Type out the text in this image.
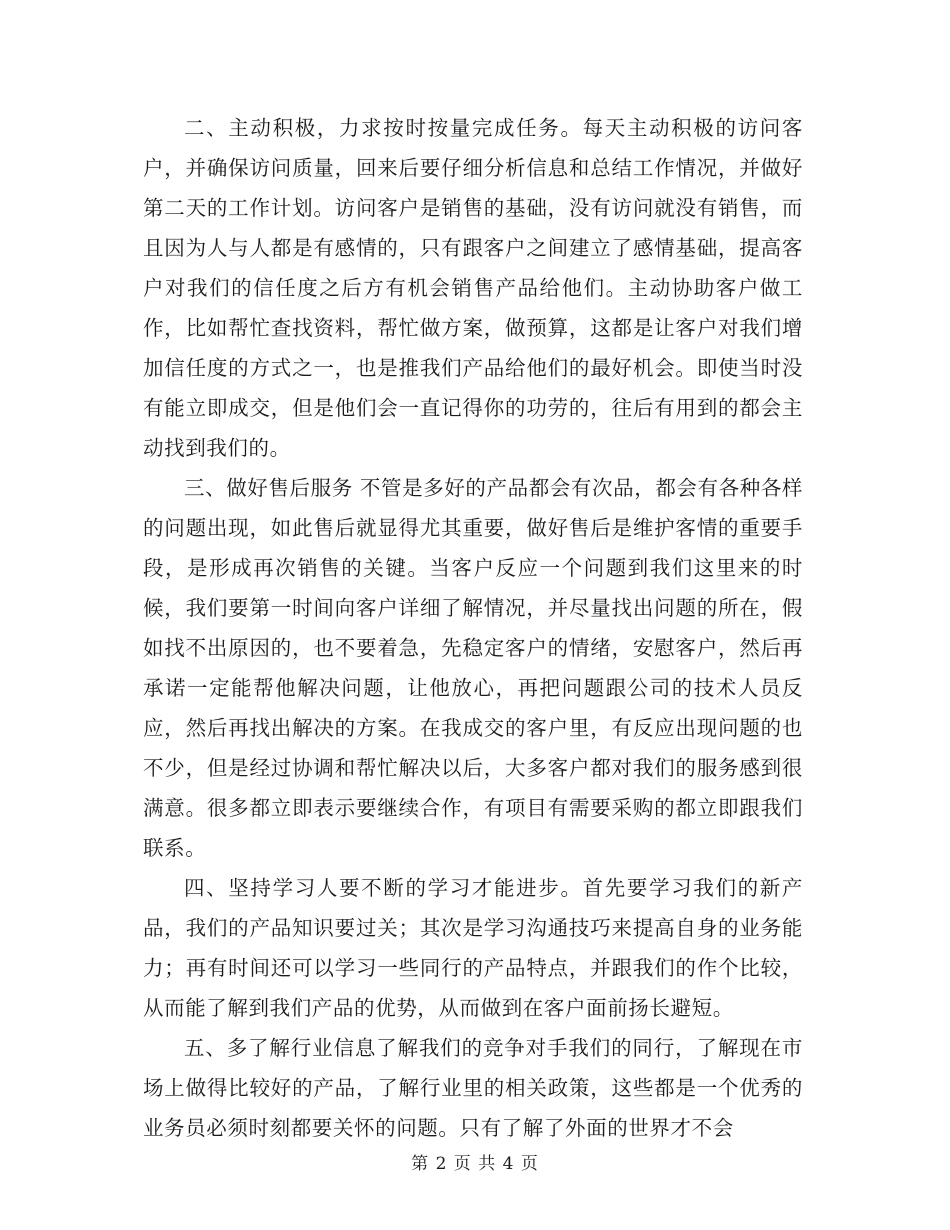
二、主动积极，力求按时按量完成任务。每天主动积极的访问客户，并确保访问质量，回来后要仔细分析信息和总结工作情况，并做好第二天的工作计划。访问客户是销售的基础，没有访问就没有销售，而且因为人与人都是有感情的，只有跟客户之间建立了感情基础，提高客户对我们的信任度之后方有机会销售产品给他们。主动协助客户做工作，比如帮忙查找资料，帮忙做方案，做预算，这都是让客户对我们增加信任度的方式之一，也是推我们产品给他们的最好机会。即使当时没有能立即成交，但是他们会一直记得你的功劳的，往后有用到的都会主动找到我们的。

三、做好售后服务 不管是多好的产品都会有次品，都会有各种各样的问题出现，如此售后就显得尤其重要，做好售后是维护客情的重要手段，是形成再次销售的关键。当客户反应一个问题到我们这里来的时候，我们要第一时间向客户详细了解情况，并尽量找出问题的所在，假如找不出原因的，也不要着急，先稳定客户的情绪，安慰客户，然后再承诺一定能帮他解决问题，让他放心，再把问题跟公司的技术人员反应，然后再找出解决的方案。在我成交的客户里，有反应出现问题的也不少，但是经过协调和帮忙解决以后，大多客户都对我们的服务感到很满意。很多都立即表示要继续合作，有项目有需要采购的都立即跟我们联系。

四、坚持学习人要不断的学习才能进步。首先要学习我们的新产品，我们的产品知识要过关；其次是学习沟通技巧来提高自身的业务能力；再有时间还可以学习一些同行的产品特点，并跟我们的作个比较，从而能了解到我们产品的优势，从而做到在客户面前扬长避短。

五、多了解行业信息了解我们的竞争对手我们的同行，了解现在市场上做得比较好的产品，了解行业里的相关政策，这些都是一个优秀的业务员必须时刻都要关怀的问题。只有了解了外面的世界才不会

第 2 页 共 4 页
